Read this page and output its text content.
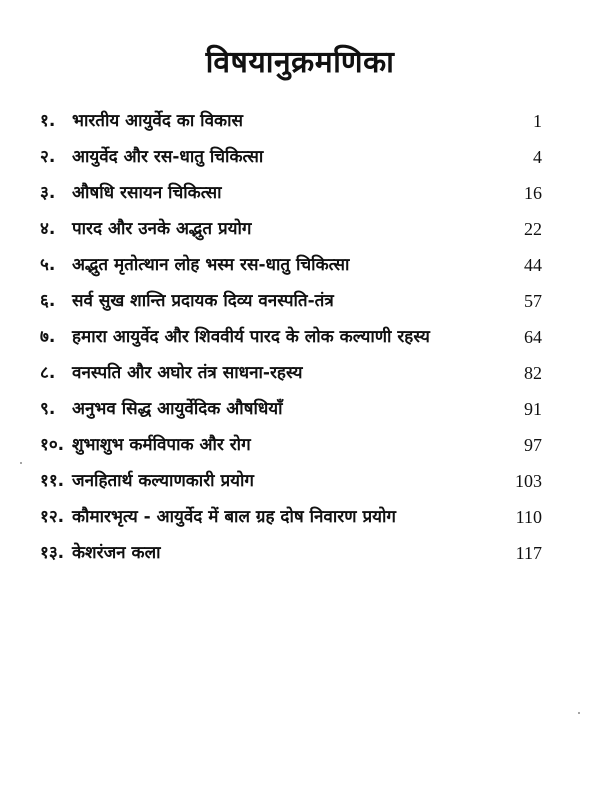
विषयानुक्रमणिका
१. भारतीय आयुर्वेद का विकास	1
२. आयुर्वेद और रस-धातु चिकित्सा	4
३. औषधि रसायन चिकित्सा	16
४. पारद और उनके अद्भुत प्रयोग	22
५. अद्भुत मृतोत्थान लोह भस्म रस-धातु चिकित्सा	44
६. सर्व सुख शान्ति प्रदायक दिव्य वनस्पति-तंत्र	57
७. हमारा आयुर्वेद और शिववीर्य पारद के लोक कल्याणी रहस्य	64
८. वनस्पति और अघोर तंत्र साधना-रहस्य	82
९. अनुभव सिद्ध आयुर्वेदिक औषधियाँ	91
१०. शुभाशुभ कर्मविपाक और रोग	97
११. जनहितार्थ कल्याणकारी प्रयोग	103
१२. कौमारभृत्य - आयुर्वेद में बाल ग्रह दोष निवारण प्रयोग	110
१३. केशरंजन कला	117
